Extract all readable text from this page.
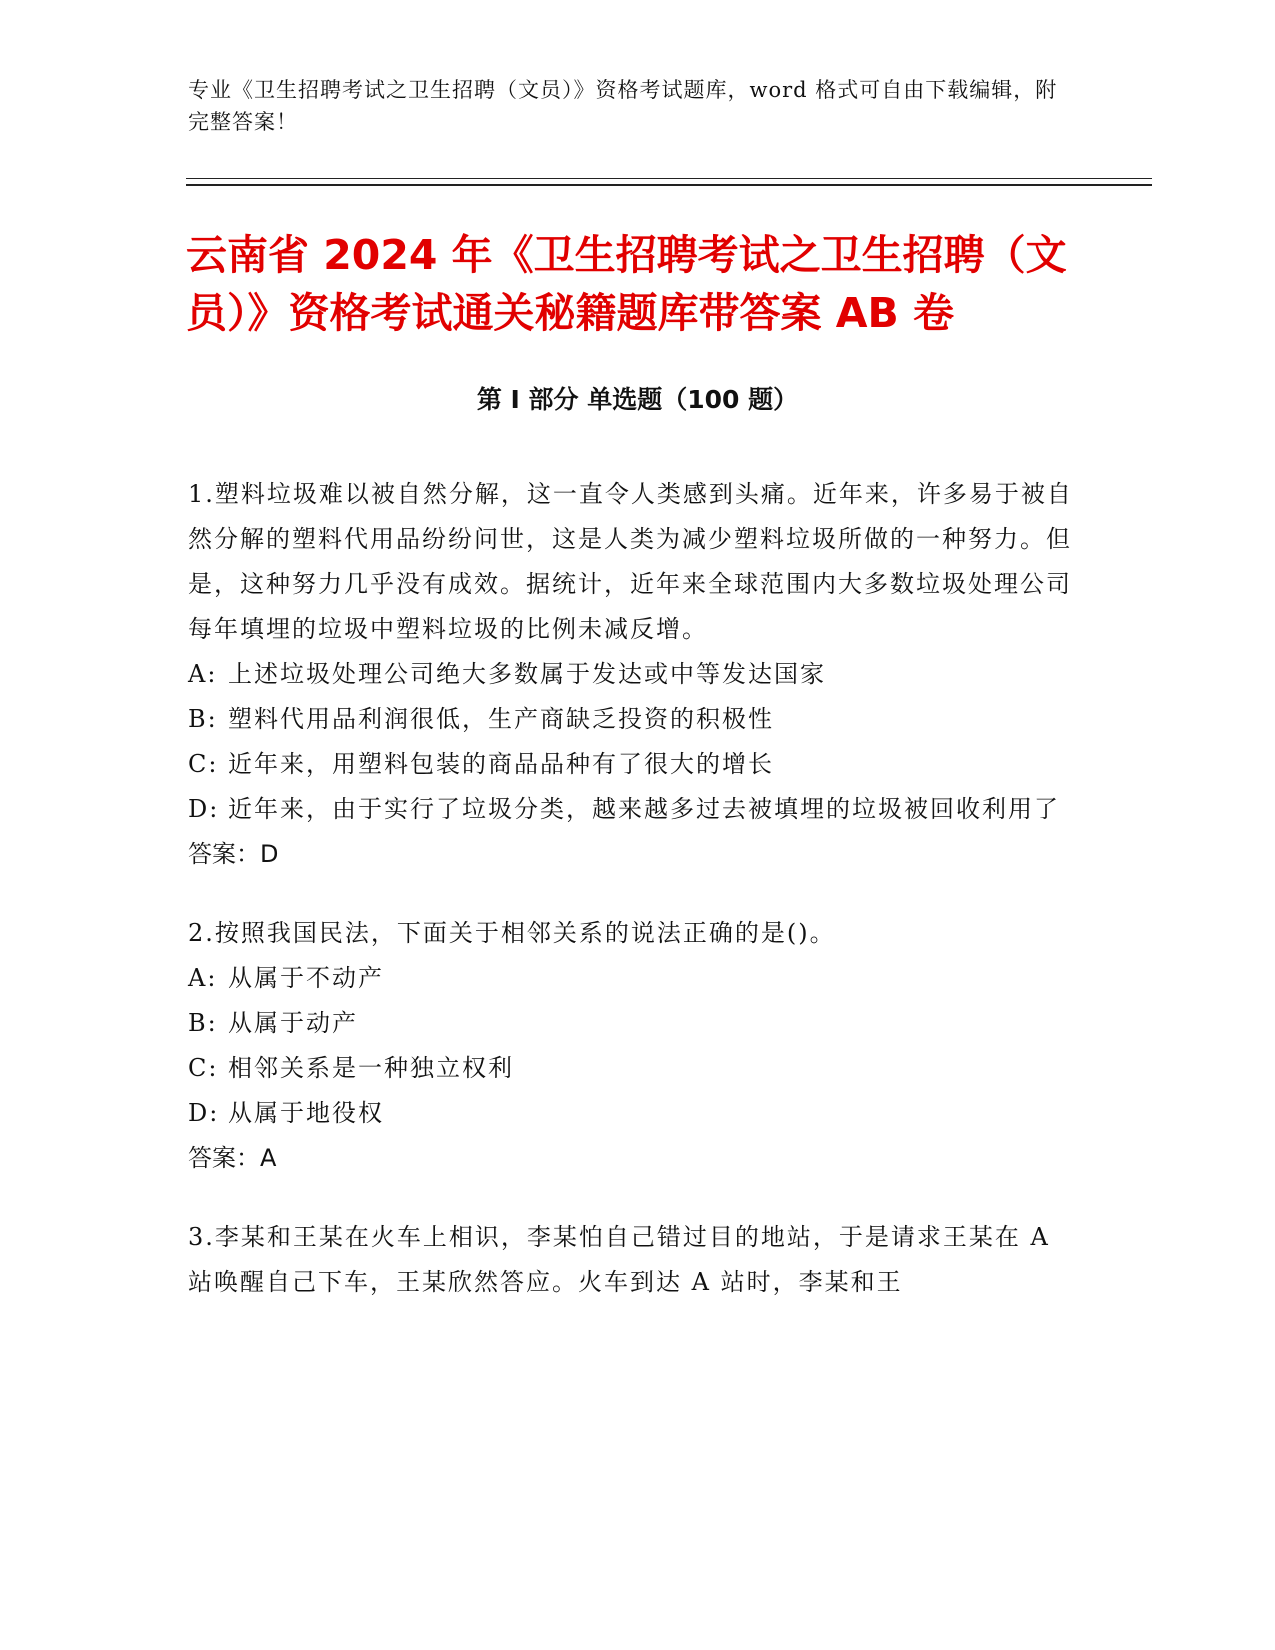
专业《卫生招聘考试之卫生招聘（文员）》资格考试题库，word 格式可自由下载编辑，附完整答案！
云南省 2024 年《卫生招聘考试之卫生招聘（文员）》资格考试通关秘籍题库带答案 AB 卷
第 I 部分 单选题（100 题）

1.塑料垃圾难以被自然分解，这一直令人类感到头痛。近年来，许多易于被自然分解的塑料代用品纷纷问世，这是人类为减少塑料垃圾所做的一种努力。但是，这种努力几乎没有成效。据统计，近年来全球范围内大多数垃圾处理公司每年填埋的垃圾中塑料垃圾的比例未减反增。

A: 上述垃圾处理公司绝大多数属于发达或中等发达国家

B: 塑料代用品利润很低，生产商缺乏投资的积极性

C: 近年来，用塑料包装的商品品种有了很大的增长

D: 近年来，由于实行了垃圾分类，越来越多过去被填埋的垃圾被回收利用了

答案：D

2.按照我国民法，下面关于相邻关系的说法正确的是()。

A: 从属于不动产

B: 从属于动产

C: 相邻关系是一种独立权利

D: 从属于地役权

答案：A

3.李某和王某在火车上相识，李某怕自己错过目的地站，于是请求王某在 A 站唤醒自己下车，王某欣然答应。火车到达 A 站时，李某和王
